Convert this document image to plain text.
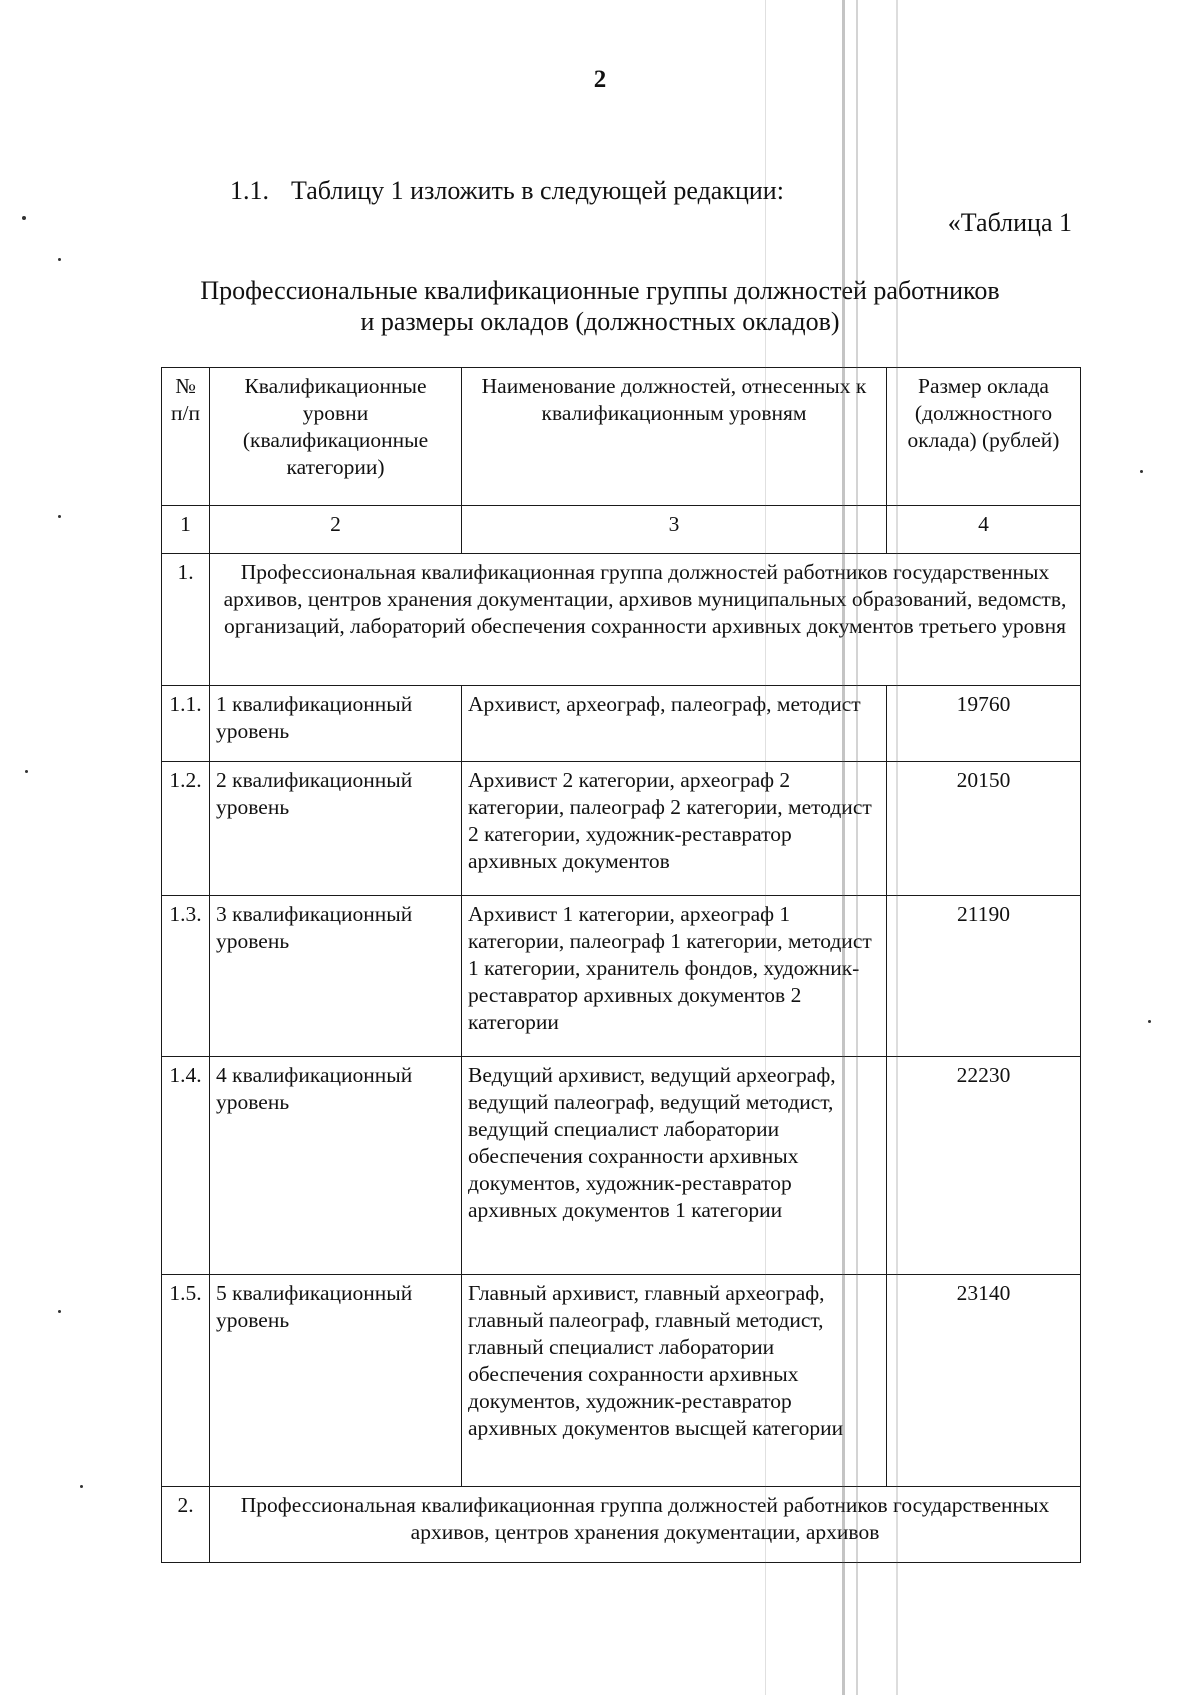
2
1.1. Таблицу 1 изложить в следующей редакции:
«Таблица 1
Профессиональные квалификационные группы должностей работников
и размеры окладов (должностных окладов)
№ п/п	Квалификационные уровни (квалификационные категории)	Наименование должностей, отнесенных к квалификационным уровням	Размер оклада (должностного оклада) (рублей)
1	2	3	4
1.	Профессиональная квалификационная группа должностей работников государственных архивов, центров хранения документации, архивов муниципальных образований, ведомств, организаций, лабораторий обеспечения сохранности архивных документов третьего уровня		
1.1.	1 квалификационный уровень	Архивист, археограф, палеограф, методист	19760
1.2.	2 квалификационный уровень	Архивист 2 категории, археограф 2 категории, палеограф 2 категории, методист 2 категории, художник-реставратор архивных документов	20150
1.3.	3 квалификационный уровень	Архивист 1 категории, археограф 1 категории, палеограф 1 категории, методист 1 категории, хранитель фондов, художник-реставратор архивных документов 2 категории	21190
1.4.	4 квалификационный уровень	Ведущий архивист, ведущий археограф, ведущий палеограф, ведущий методист, ведущий специалист лаборатории обеспечения сохранности архивных документов, художник-реставратор архивных документов 1 категории	22230
1.5.	5 квалификационный уровень	Главный архивист, главный археограф, главный палеограф, главный методист, главный специалист лаборатории обеспечения сохранности архивных документов, художник-реставратор архивных документов высщей категории	23140
2.	Профессиональная квалификационная группа должностей работников государственных архивов, центров хранения документации, архивов		
